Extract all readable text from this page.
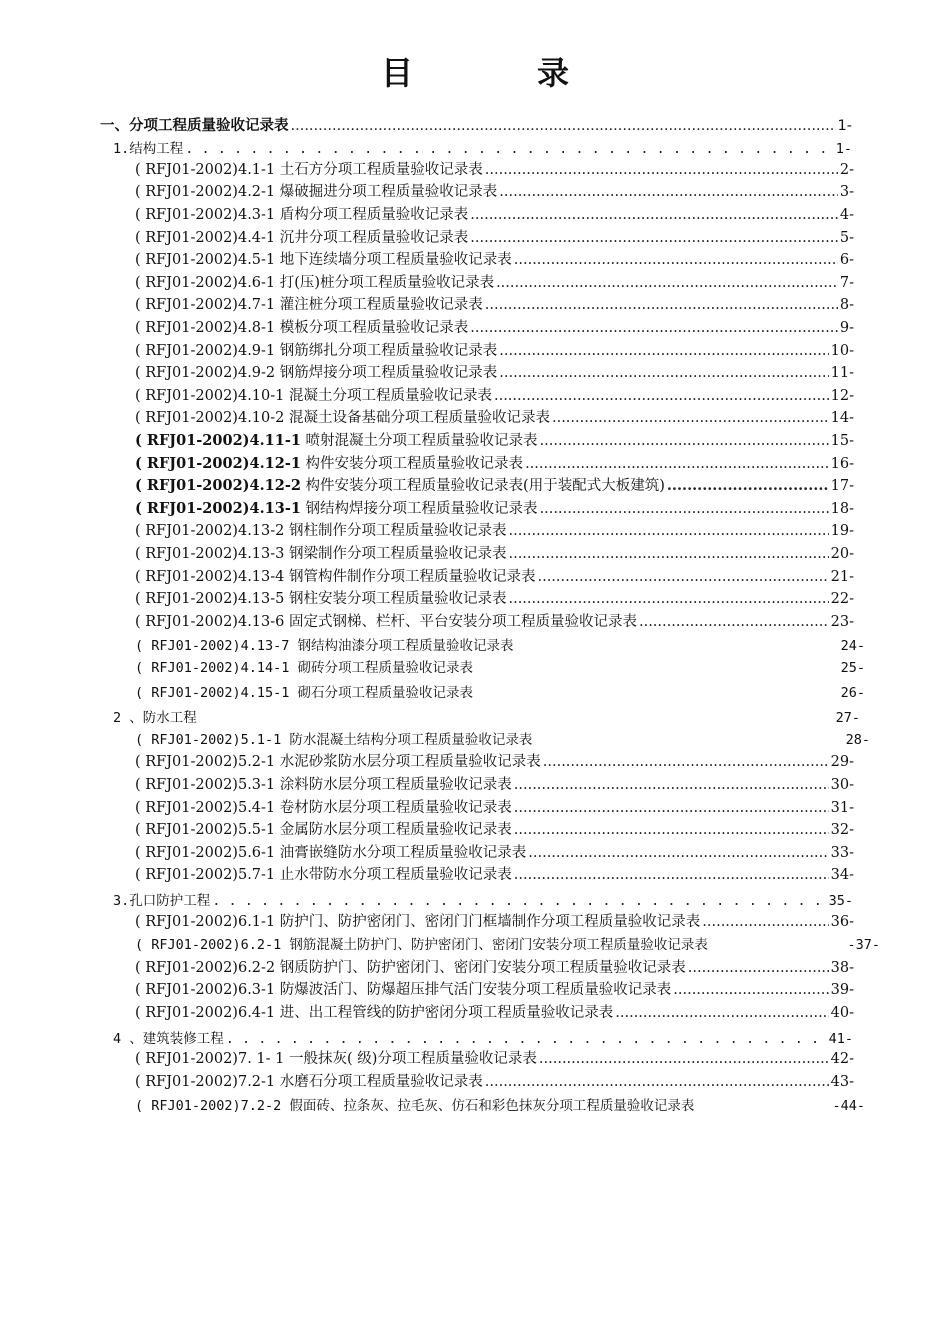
目　录
一、分项工程质量验收记录表 .....	1-
1.结构工程 . . .	1-
( RFJ01-2002)4.1-1 土石方分项工程质量验收记录表 .....	2-
( RFJ01-2002)4.2-1 爆破掘进分项工程质量验收记录表 .....	3-
( RFJ01-2002)4.3-1 盾构分项工程质量验收记录表 .....	4-
( RFJ01-2002)4.4-1 沉井分项工程质量验收记录表 .....	5-
( RFJ01-2002)4.5-1 地下连续墙分项工程质量验收记录表 .....	6-
( RFJ01-2002)4.6-1 打(压)桩分项工程质量验收记录表 .....	7-
( RFJ01-2002)4.7-1 灌注桩分项工程质量验收记录表 .....	8-
( RFJ01-2002)4.8-1 模板分项工程质量验收记录表 .....	9-
( RFJ01-2002)4.9-1 钢筋绑扎分项工程质量验收记录表 .....	10-
( RFJ01-2002)4.9-2 钢筋焊接分项工程质量验收记录表 .....	11-
( RFJ01-2002)4.10-1 混凝土分项工程质量验收记录表 .....	12-
( RFJ01-2002)4.10-2 混凝土设备基础分项工程质量验收记录表 .....	14-
( RFJ01-2002)4.11-1 喷射混凝土分项工程质量验收记录表 .....	15-
( RFJ01-2002)4.12-1 构件安装分项工程质量验收记录表 .....	16-
( RFJ01-2002)4.12-2 构件安装分项工程质量验收记录表(用于装配式大板建筑) .....	17-
( RFJ01-2002)4.13-1 钢结构焊接分项工程质量验收记录表 .....	18-
( RFJ01-2002)4.13-2 钢柱制作分项工程质量验收记录表 .....	19-
( RFJ01-2002)4.13-3 钢梁制作分项工程质量验收记录表 .....	20-
( RFJ01-2002)4.13-4 钢管构件制作分项工程质量验收记录表 .....	21-
( RFJ01-2002)4.13-5 钢柱安装分项工程质量验收记录表 .....	22-
( RFJ01-2002)4.13-6 固定式钢梯、栏杆、平台安装分项工程质量验收记录表 .....	23-
( RFJ01-2002)4.13-7 钢结构油漆分项工程质量验收记录表	24-
( RFJ01-2002)4.14-1 砌砖分项工程质量验收记录表	25-
( RFJ01-2002)4.15-1 砌石分项工程质量验收记录表	26-
2 、防水工程	27-
( RFJ01-2002)5.1-1 防水混凝土结构分项工程质量验收记录表	28-
( RFJ01-2002)5.2-1 水泥砂浆防水层分项工程质量验收记录表 .....	29-
( RFJ01-2002)5.3-1 涂料防水层分项工程质量验收记录表 .....	30-
( RFJ01-2002)5.4-1 卷材防水层分项工程质量验收记录表 .....	31-
( RFJ01-2002)5.5-1 金属防水层分项工程质量验收记录表 .....	32-
( RFJ01-2002)5.6-1 油膏嵌缝防水分项工程质量验收记录表 .....	33-
( RFJ01-2002)5.7-1 止水带防水分项工程质量验收记录表 .....	34-
3.孔口防护工程 . . .	35-
( RFJ01-2002)6.1-1 防护门、防护密闭门、密闭门门框墙制作分项工程质量验收记录表 .....	36-
( RFJ01-2002)6.2-1 钢筋混凝土防护门、防护密闭门、密闭门安装分项工程质量验收记录表	-37-
( RFJ01-2002)6.2-2 钢质防护门、防护密闭门、密闭门安装分项工程质量验收记录表 .....	38-
( RFJ01-2002)6.3-1 防爆波活门、防爆超压排气活门安装分项工程质量验收记录表 .....	39-
( RFJ01-2002)6.4-1 进、出工程管线的防护密闭分项工程质量验收记录表 .....	40-
4 、建筑装修工程 . . .	41-
( RFJ01-2002)7. 1- 1 一般抹灰( 级)分项工程质量验收记录表 .....	42-
( RFJ01-2002)7.2-1 水磨石分项工程质量验收记录表 .....	43-
( RFJ01-2002)7.2-2 假面砖、拉条灰、拉毛灰、仿石和彩色抹灰分项工程质量验收记录表	-44-
